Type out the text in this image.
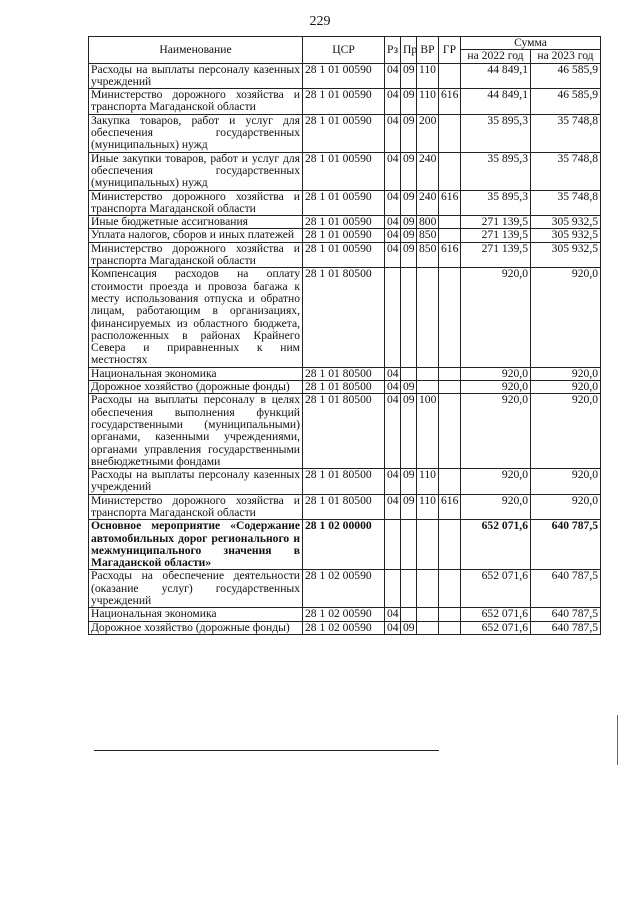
229
Наименование	ЦСР	Рз	Пр	ВР	ГР	Сумма	
						на 2022 год	на 2023 год
Расходы на выплаты персоналу казенных учреждений	28 1 01 00590	04	09	110		44 849,1	46 585,9
Министерство дорожного хозяйства и транспорта Магаданской области	28 1 01 00590	04	09	110	616	44 849,1	46 585,9
Закупка товаров, работ и услуг для обеспечения государственных (муниципальных) нужд	28 1 01 00590	04	09	200		35 895,3	35 748,8
Иные закупки товаров, работ и услуг для обеспечения государственных (муниципальных) нужд	28 1 01 00590	04	09	240		35 895,3	35 748,8
Министерство дорожного хозяйства и транспорта Магаданской области	28 1 01 00590	04	09	240	616	35 895,3	35 748,8
Иные бюджетные ассигнования	28 1 01 00590	04	09	800		271 139,5	305 932,5
Уплата налогов, сборов и иных платежей	28 1 01 00590	04	09	850		271 139,5	305 932,5
Министерство дорожного хозяйства и транспорта Магаданской области	28 1 01 00590	04	09	850	616	271 139,5	305 932,5
Компенсация расходов на оплату стоимости проезда и провоза багажа к месту использования отпуска и обратно лицам, работающим в организациях, финансируемых из областного бюджета, расположенных в районах Крайнего Севера и приравненных к ним местностях	28 1 01 80500					920,0	920,0
Национальная экономика	28 1 01 80500	04				920,0	920,0
Дорожное хозяйство (дорожные фонды)	28 1 01 80500	04	09			920,0	920,0
Расходы на выплаты персоналу в целях обеспечения выполнения функций государственными (муниципальными) органами, казенными учреждениями, органами управления государственными внебюджетными фондами	28 1 01 80500	04	09	100		920,0	920,0
Расходы на выплаты персоналу казенных учреждений	28 1 01 80500	04	09	110		920,0	920,0
Министерство дорожного хозяйства и транспорта Магаданской области	28 1 01 80500	04	09	110	616	920,0	920,0
Основное мероприятие «Содержание автомобильных дорог регионального и межмуниципального значения в Магаданской области»	28 1 02 00000					652 071,6	640 787,5
Расходы на обеспечение деятельности (оказание услуг) государственных учреждений	28 1 02 00590					652 071,6	640 787,5
Национальная экономика	28 1 02 00590	04				652 071,6	640 787,5
Дорожное хозяйство (дорожные фонды)	28 1 02 00590	04	09			652 071,6	640 787,5
